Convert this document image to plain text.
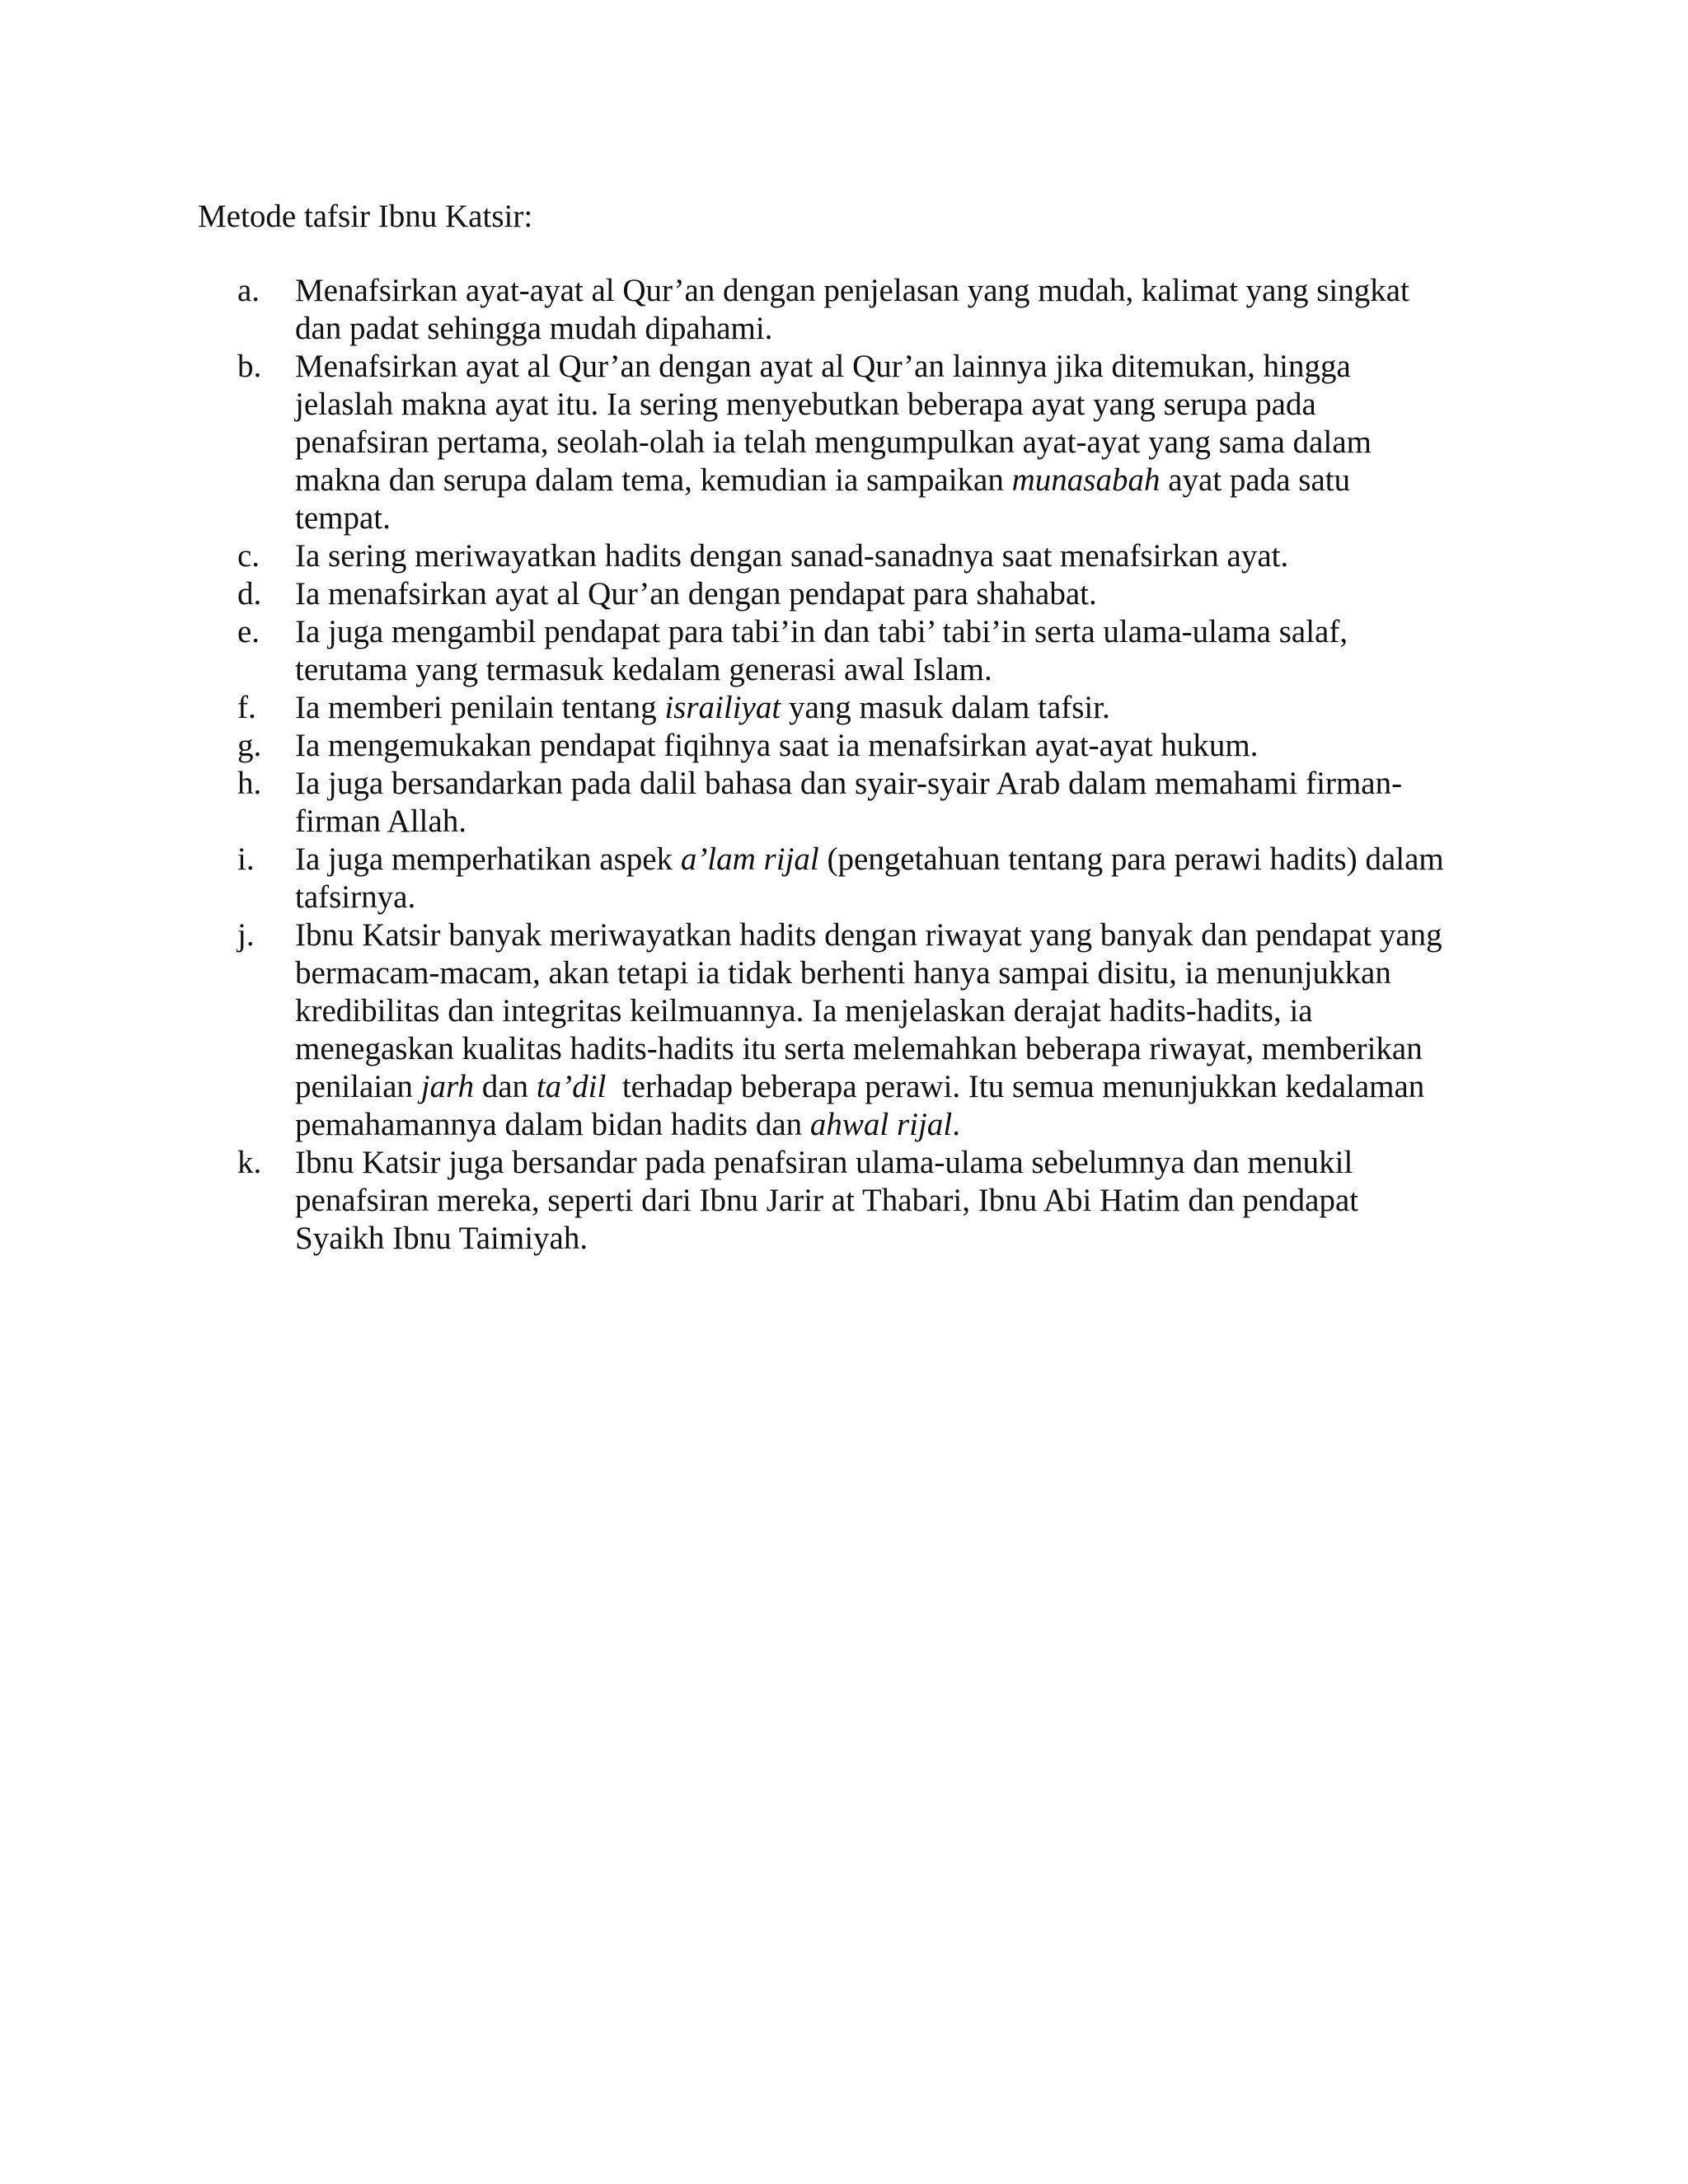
Metode tafsir Ibnu Katsir:
a.	Menafsirkan ayat-ayat al Qur’an dengan penjelasan yang mudah, kalimat yang singkat
dan padat sehingga mudah dipahami.
b.	Menafsirkan ayat al Qur’an dengan ayat al Qur’an lainnya jika ditemukan, hingga
jelaslah makna ayat itu. Ia sering menyebutkan beberapa ayat yang serupa pada
penafsiran pertama, seolah-olah ia telah mengumpulkan ayat-ayat yang sama dalam
makna dan serupa dalam tema, kemudian ia sampaikan munasabah ayat pada satu
tempat.
c.	Ia sering meriwayatkan hadits dengan sanad-sanadnya saat menafsirkan ayat.
d.	Ia menafsirkan ayat al Qur’an dengan pendapat para shahabat.
e.	Ia juga mengambil pendapat para tabi’in dan tabi’ tabi’in serta ulama-ulama salaf,
terutama yang termasuk kedalam generasi awal Islam.
f.	Ia memberi penilain tentang israiliyat yang masuk dalam tafsir.
g.	Ia mengemukakan pendapat fiqihnya saat ia menafsirkan ayat-ayat hukum.
h.	Ia juga bersandarkan pada dalil bahasa dan syair-syair Arab dalam memahami firman-
firman Allah.
i.	Ia juga memperhatikan aspek a’lam rijal (pengetahuan tentang para perawi hadits) dalam
tafsirnya.
j.	Ibnu Katsir banyak meriwayatkan hadits dengan riwayat yang banyak dan pendapat yang
bermacam-macam, akan tetapi ia tidak berhenti hanya sampai disitu, ia menunjukkan
kredibilitas dan integritas keilmuannya. Ia menjelaskan derajat hadits-hadits, ia
menegaskan kualitas hadits-hadits itu serta melemahkan beberapa riwayat, memberikan
penilaian jarh dan ta’dil  terhadap beberapa perawi. Itu semua menunjukkan kedalaman
pemahamannya dalam bidan hadits dan ahwal rijal.
k.	Ibnu Katsir juga bersandar pada penafsiran ulama-ulama sebelumnya dan menukil
penafsiran mereka, seperti dari Ibnu Jarir at Thabari, Ibnu Abi Hatim dan pendapat
Syaikh Ibnu Taimiyah.
